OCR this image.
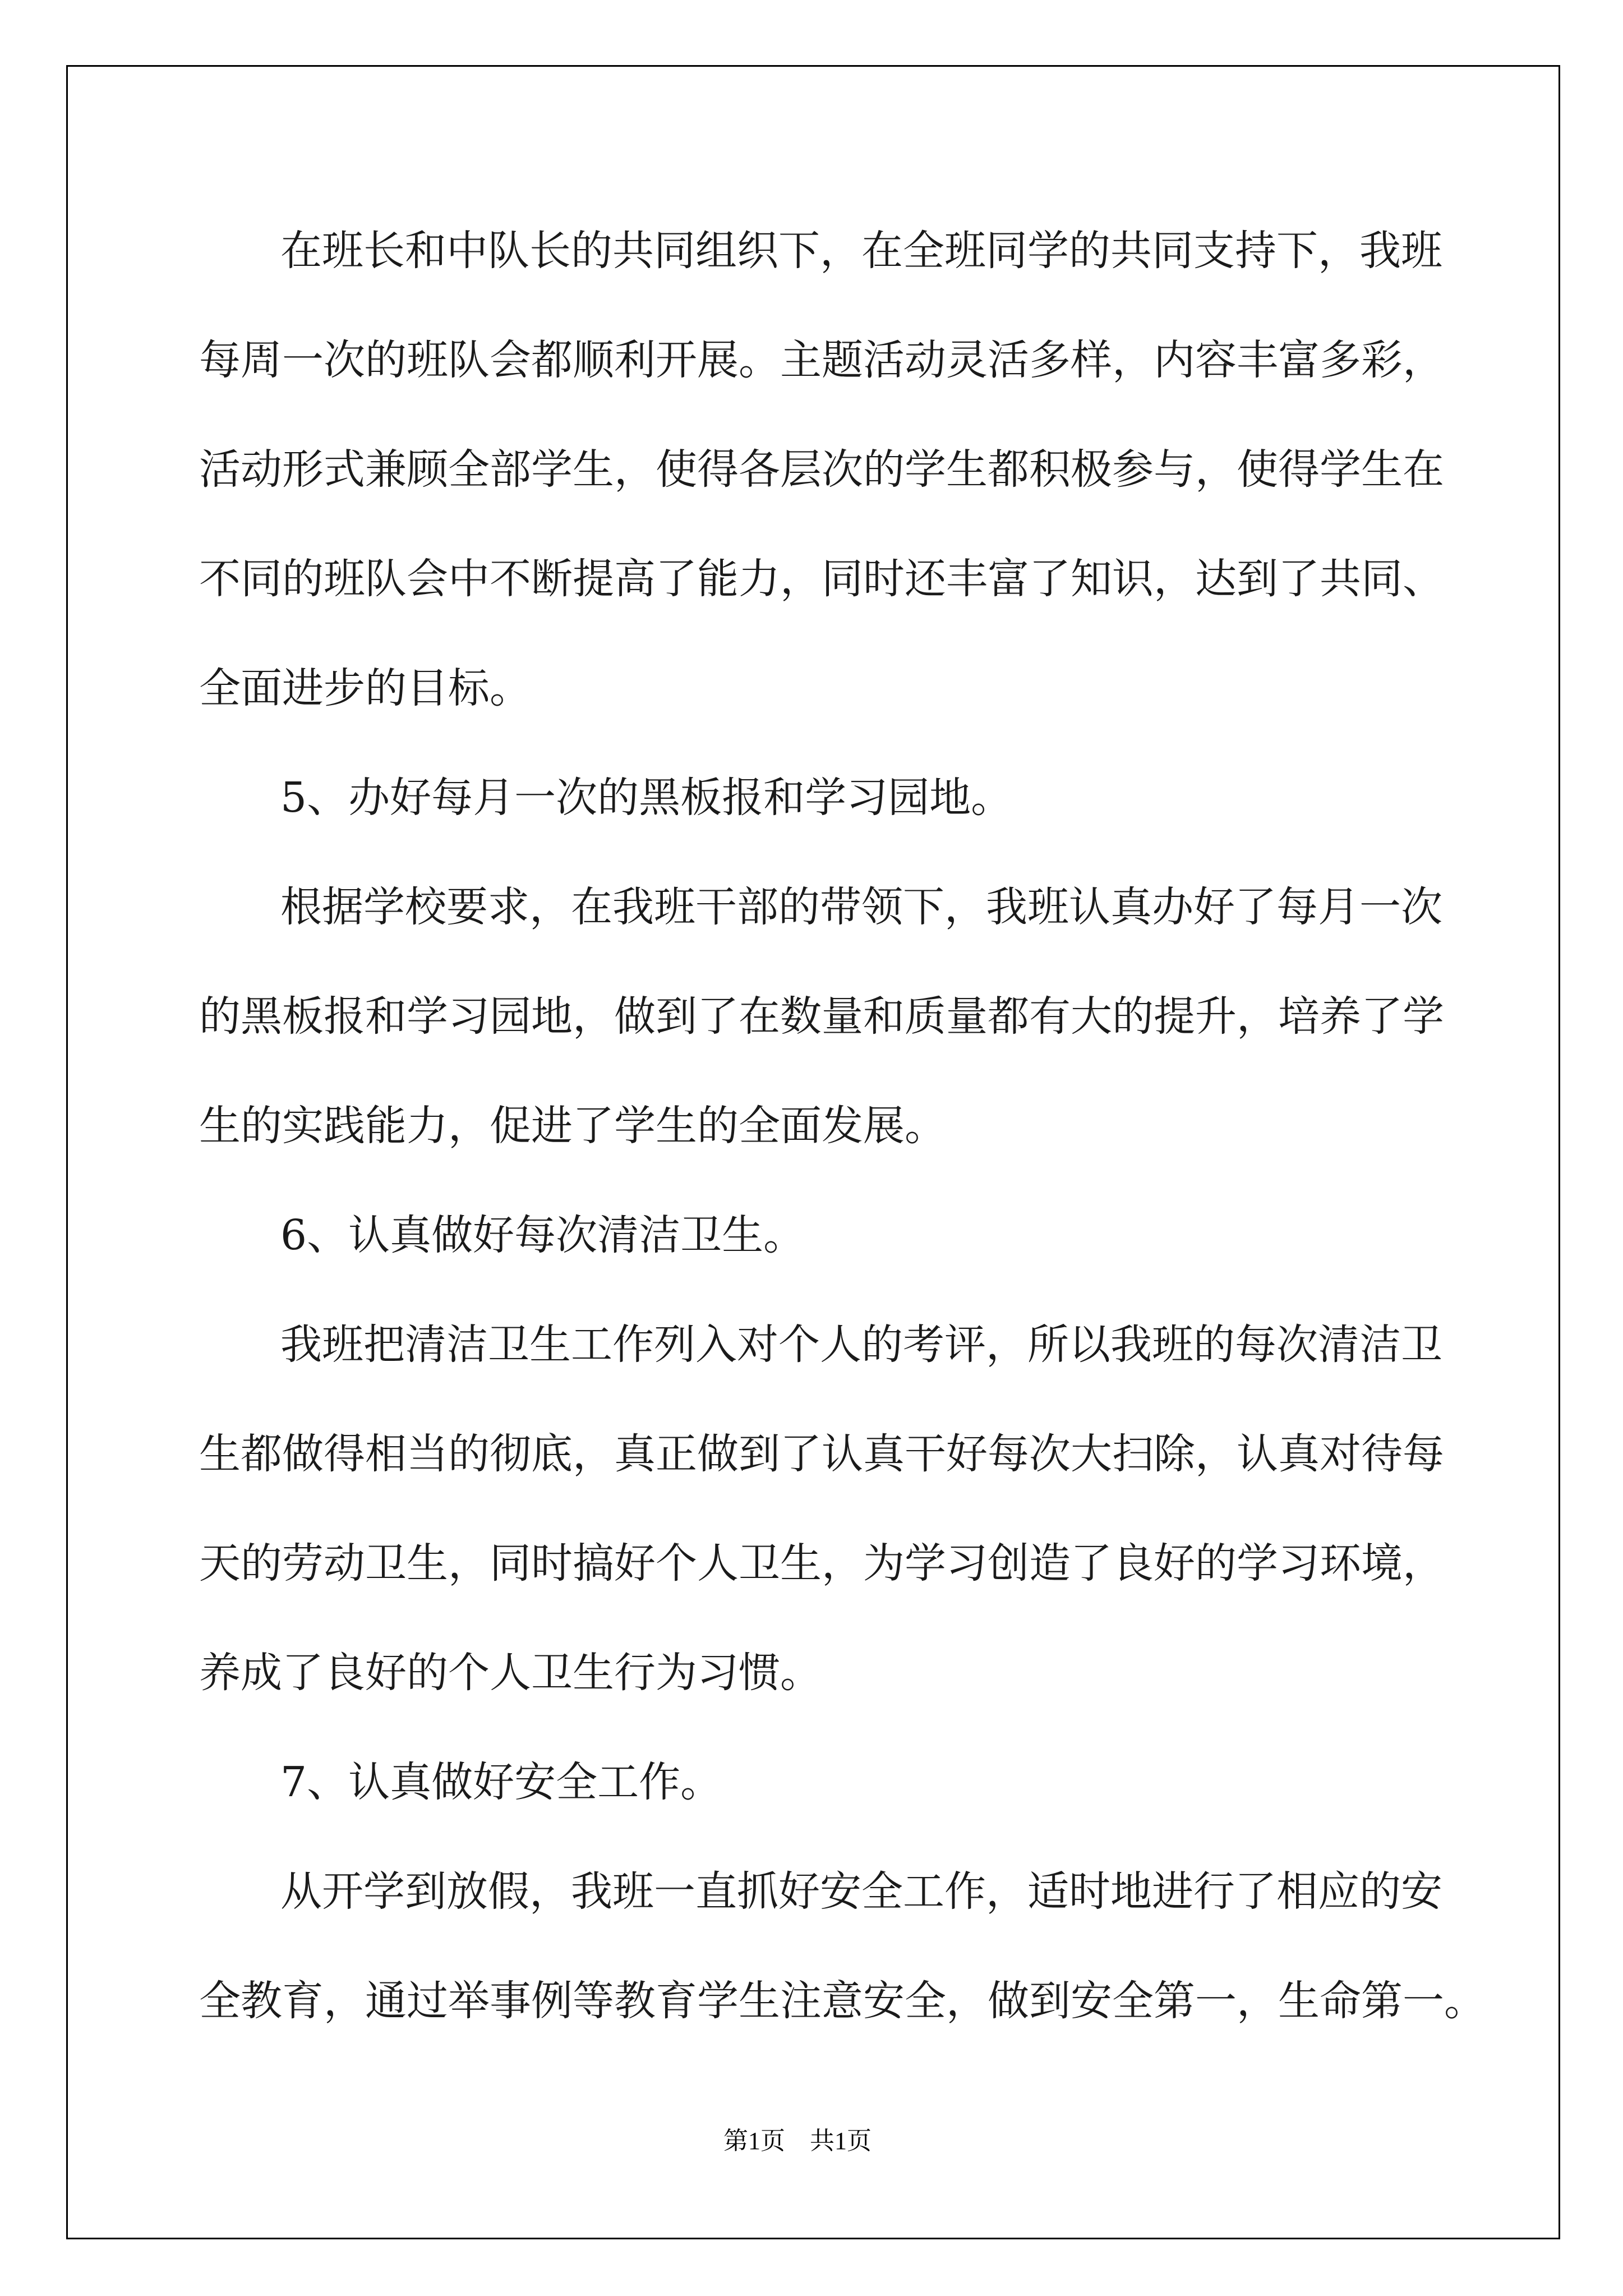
在班长和中队长的共同组织下，在全班同学的共同支持下，我班
每周一次的班队会都顺利开展。主题活动灵活多样，内容丰富多彩，
活动形式兼顾全部学生，使得各层次的学生都积极参与，使得学生在
不同的班队会中不断提高了能力，同时还丰富了知识，达到了共同、
全面进步的目标。
5、办好每月一次的黑板报和学习园地。
根据学校要求，在我班干部的带领下，我班认真办好了每月一次
的黑板报和学习园地，做到了在数量和质量都有大的提升，培养了学
生的实践能力，促进了学生的全面发展。
6、认真做好每次清洁卫生。
我班把清洁卫生工作列入对个人的考评，所以我班的每次清洁卫
生都做得相当的彻底，真正做到了认真干好每次大扫除，认真对待每
天的劳动卫生，同时搞好个人卫生，为学习创造了良好的学习环境，
养成了良好的个人卫生行为习惯。
7、认真做好安全工作。
从开学到放假，我班一直抓好安全工作，适时地进行了相应的安
全教育，通过举事例等教育学生注意安全，做到安全第一，生命第一。
第1页　共1页
